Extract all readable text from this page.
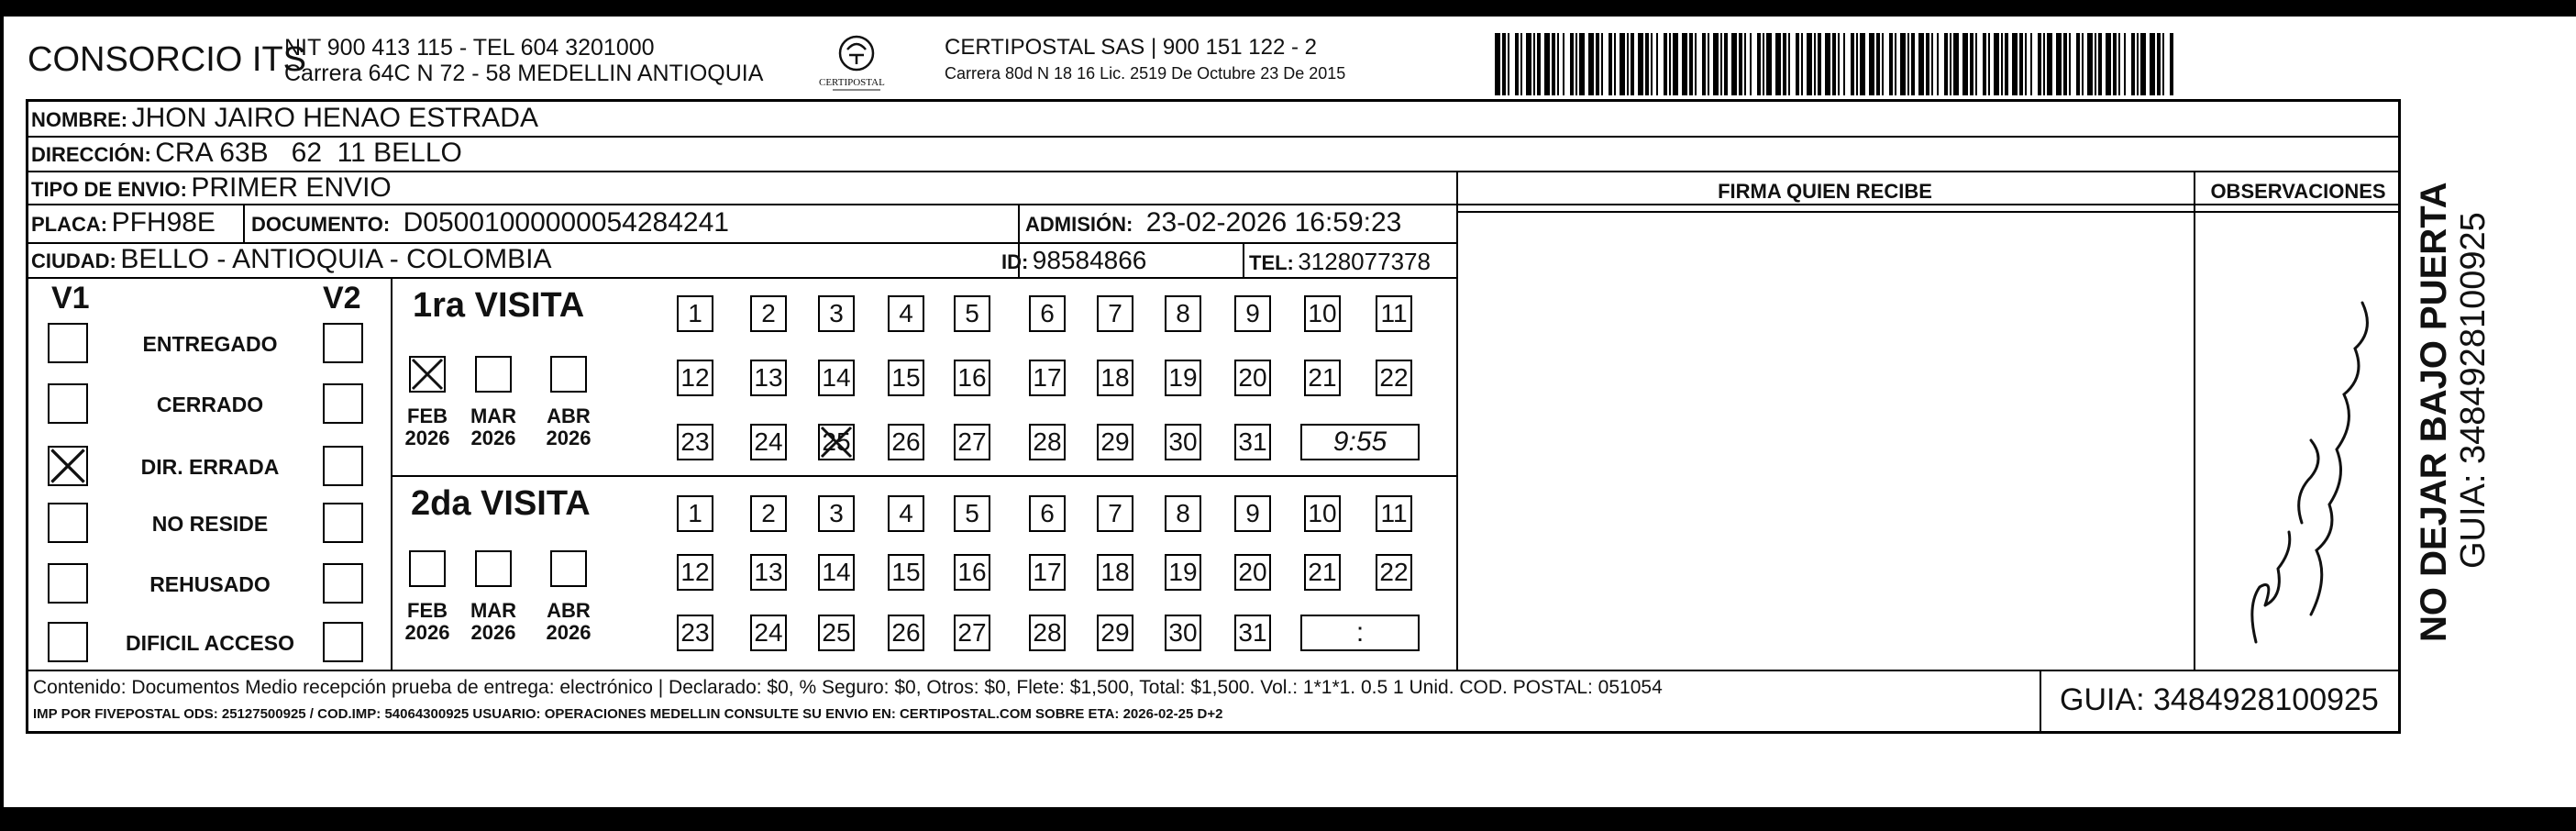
CONSORCIO ITS
NIT 900 413 115 - TEL 604 3201000
Carrera 64C N 72 - 58 MEDELLIN ANTIOQUIA	CERTIPOSTAL
CERTIPOSTAL SAS | 900 151 122 - 2
Carrera 80d N 18 16 Lic. 2519 De Octubre 23 De 2015
NOMBRE: JHON JAIRO HENAO ESTRADA
DIRECCIÓN: CRA 63B   62  11 BELLO
TIPO DE ENVIO: PRIMER ENVIO
PLACA: PFH98E DOCUMENTO: D05001000000054284241	ADMISIÓN: 23-02-2026 16:59:23
CIUDAD: BELLO - ANTIOQUIA - COLOMBIA	ID: 98584866	TEL: 3128077378
FIRMA QUIEN RECIBE	OBSERVACIONES
V1	V2 1ra VISITA
2da VISITA	NO DEJAR BAJO PUERTA GUIA: 3484928100925
Contenido: Documentos Medio recepción prueba de entrega: electrónico | Declarado: $0, % Seguro: $0, Otros: $0, Flete: $1,500, Total: $1,500. Vol.: 1*1*1. 0.5 1 Unid. COD. POSTAL: 051054
IMP POR FIVEPOSTAL ODS: 25127500925 / COD.IMP: 54064300925 USUARIO: OPERACIONES MEDELLIN CONSULTE SU ENVIO EN: CERTIPOSTAL.COM SOBRE ETA: 2026-02-25 D+2	GUIA: 3484928100925
ENTREGADO
CERRADO
DIR. ERRADA
NO RESIDE
REHUSADO
DIFICIL ACCESO
FEB
2026
MAR
2026
ABR
2026
FEB
2026
MAR
2026
ABR
2026
1	2	3	4	5	6	7	8	9	10 11
12 13 14 15 16 17 18 19 20 21 22
23 24 25 26 27 28 29 30 31	9:55
1	2	3	4	5	6	7	8	9	10 11
12 13 14 15 16 17 18 19 20 21 22
23 24 25 26 27 28 29 30 31	:
